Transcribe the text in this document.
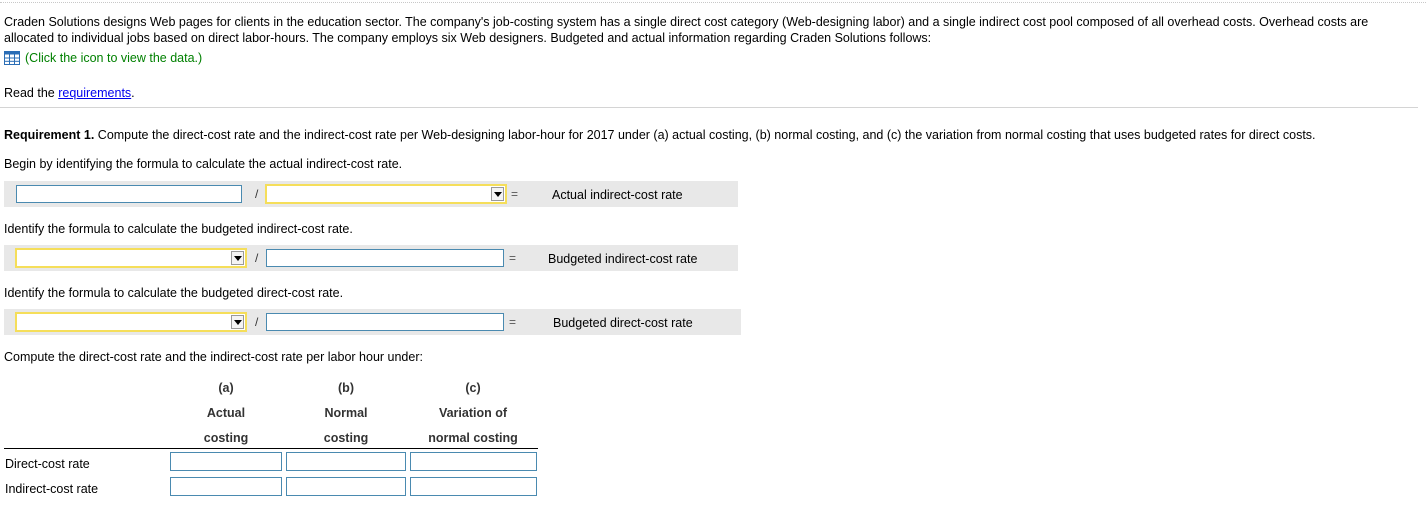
Craden Solutions designs Web pages for clients in the education sector. The company's job-costing system has a single direct cost category (Web-designing labor) and a single indirect cost pool composed of all overhead costs. Overhead costs are allocated to individual jobs based on direct labor-hours. The company employs six Web designers. Budgeted and actual information regarding Craden Solutions follows:
(Click the icon to view the data.)
Read the requirements.
Requirement 1. Compute the direct-cost rate and the indirect-cost rate per Web-designing labor-hour for 2017 under (a) actual costing, (b) normal costing, and (c) the variation from normal costing that uses budgeted rates for direct costs.
Begin by identifying the formula to calculate the actual indirect-cost rate.
/	=	Actual indirect-cost rate
Identify the formula to calculate the budgeted indirect-cost rate.
/	=	Budgeted indirect-cost rate
Identify the formula to calculate the budgeted direct-cost rate.
/	=	Budgeted direct-cost rate
Compute the direct-cost rate and the indirect-cost rate per labor hour under:
(a)	(b)	(c)
Actual	Normal	Variation of
costing	costing	normal costing
Direct-cost rate
Indirect-cost rate
